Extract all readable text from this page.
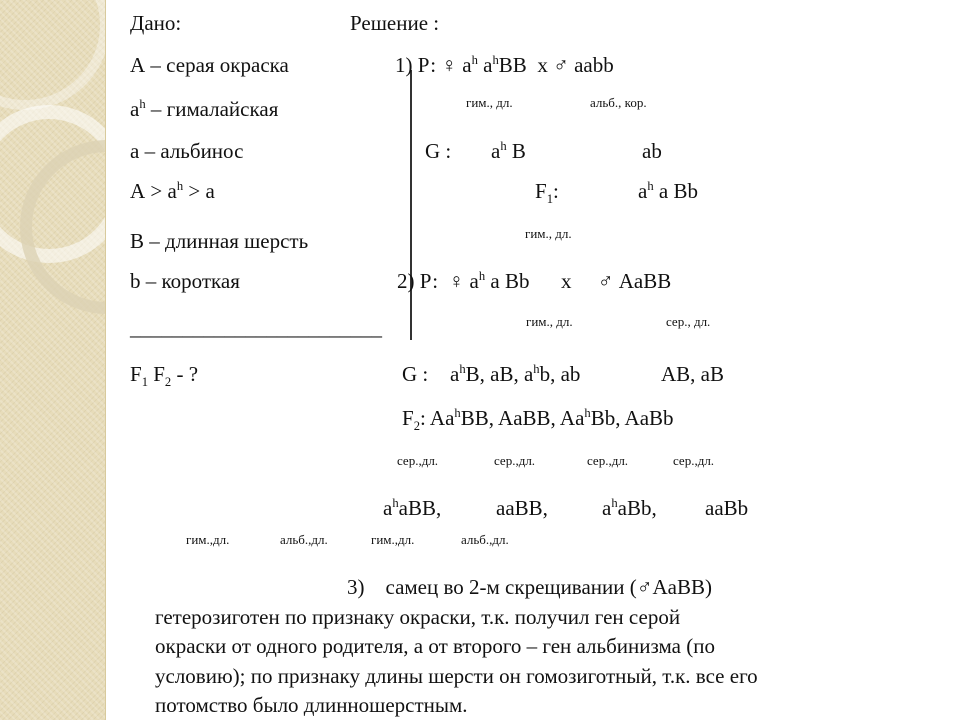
Дано:
А – серая окраска
$a^h$ – гималайская
а – альбинос
$А > a^h > a$
В – длинная шерсть
b – короткая
________________________
$F_1$ $F_2$ - ?
Решение :
1) Р: ♀ $a^h$ $a^hBB$ х ♂ aabb
гим., дл.	альб., кор.
G : $a^h$ B	ab
$F_1$:	$a^h$ a Bb
гим., дл.
2) Р: ♀ $a^h$ a Bb х ♂ AaBB
гим., дл.	сер., дл.
G : $a^hB$, aB, $a^hb$, ab	AB, aB
$F_2$: Aa$^h$BB, AaBB, Aa$^h$Bb, AaBb
сер.,дл.	сер.,дл.	сер.,дл.	сер.,дл.
$a^haBB$,	aaBB,	$a^haBb$, aaBb
гим.,дл.	альб.,дл.	гим.,дл.	альб.,дл.

3) самец во 2-м скрещивании (♂AaBB)

гетерозиготен по признаку окраски, т.к. получил ген серой

окраски от одного родителя, а от второго – ген альбинизма (по

условию); по признаку длины шерсти он гомозиготный, т.к. все его

потомство было длинношерстным.
